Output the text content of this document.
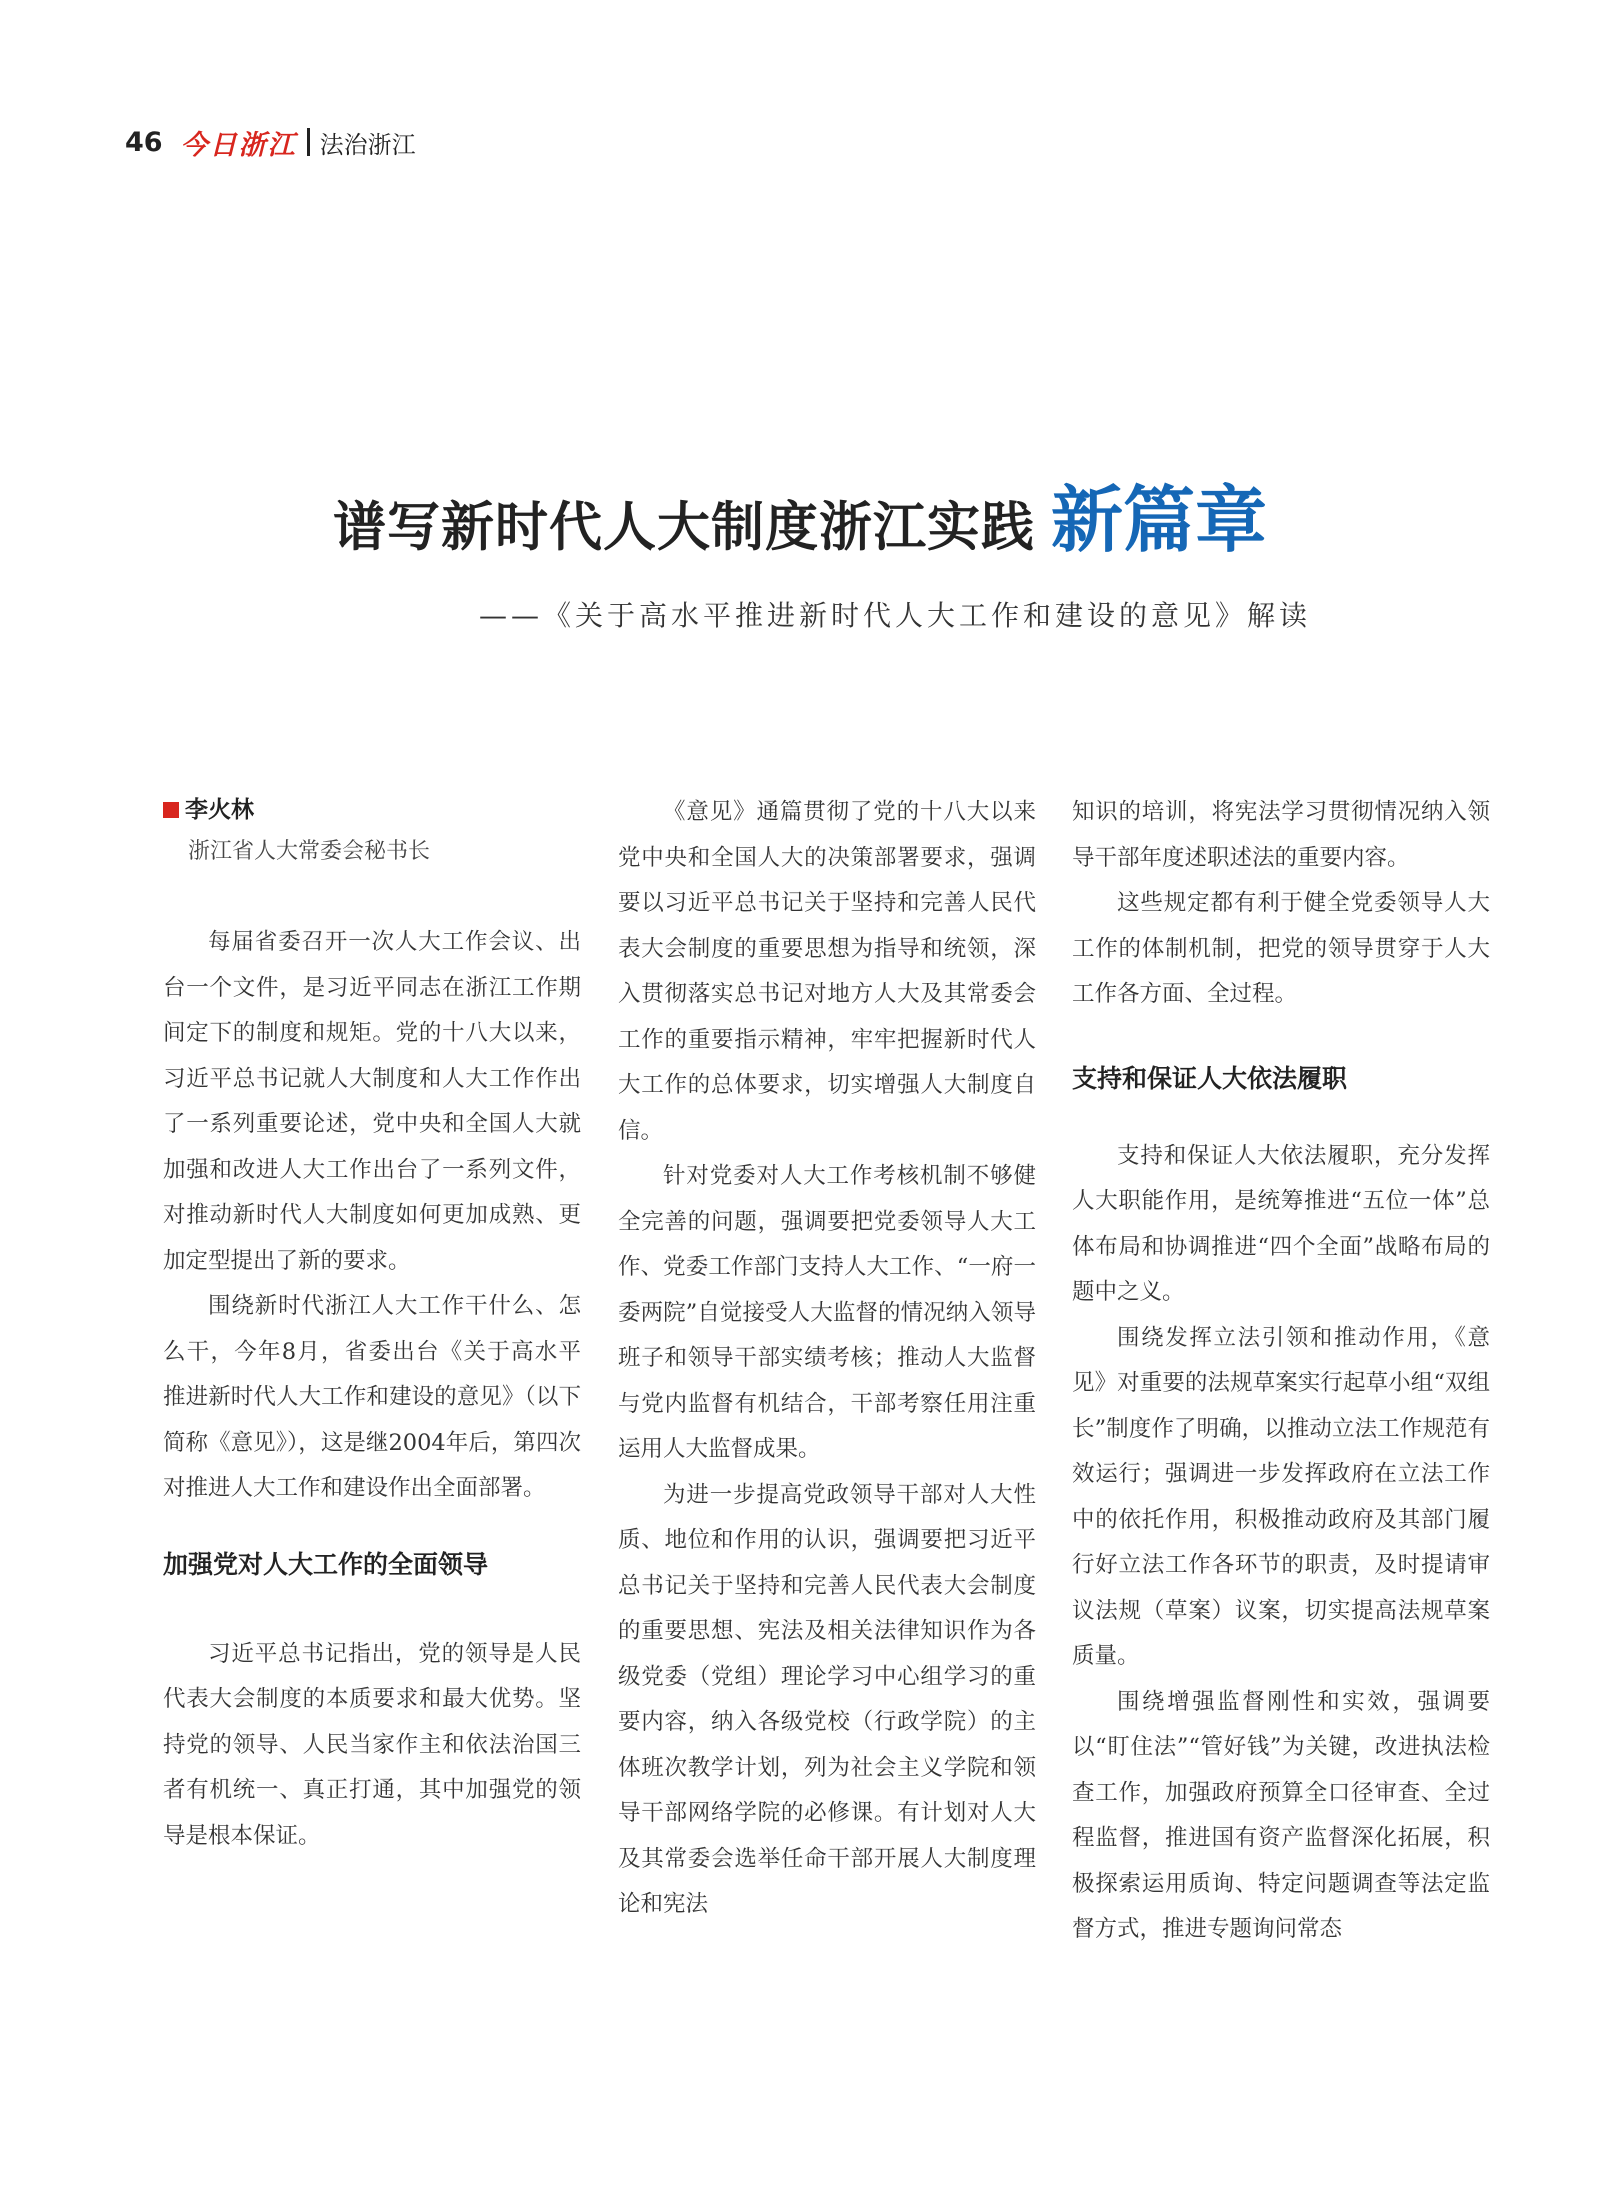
46 今日浙江 法治浙江
谱写新时代人大制度浙江实践 新篇章
——《关于高水平推进新时代人大工作和建设的意见》解读
李火林
浙江省人大常委会秘书长

每届省委召开一次人大工作会议、出台一个文件，是习近平同志在浙江工作期间定下的制度和规矩。党的十八大以来，习近平总书记就人大制度和人大工作作出了一系列重要论述，党中央和全国人大就加强和改进人大工作出台了一系列文件，对推动新时代人大制度如何更加成熟、更加定型提出了新的要求。

围绕新时代浙江人大工作干什么、怎么干，今年8月，省委出台《关于高水平推进新时代人大工作和建设的意见》（以下简称《意见》），这是继2004年后，第四次对推进人大工作和建设作出全面部署。

加强党对人大工作的全面领导

习近平总书记指出，党的领导是人民代表大会制度的本质要求和最大优势。坚持党的领导、人民当家作主和依法治国三者有机统一、真正打通，其中加强党的领导是根本保证。

《意见》通篇贯彻了党的十八大以来党中央和全国人大的决策部署要求，强调要以习近平总书记关于坚持和完善人民代表大会制度的重要思想为指导和统领，深入贯彻落实总书记对地方人大及其常委会工作的重要指示精神，牢牢把握新时代人大工作的总体要求，切实增强人大制度自信。

针对党委对人大工作考核机制不够健全完善的问题，强调要把党委领导人大工作、党委工作部门支持人大工作、“一府一委两院”自觉接受人大监督的情况纳入领导班子和领导干部实绩考核；推动人大监督与党内监督有机结合，干部考察任用注重运用人大监督成果。

为进一步提高党政领导干部对人大性质、地位和作用的认识，强调要把习近平总书记关于坚持和完善人民代表大会制度的重要思想、宪法及相关法律知识作为各级党委（党组）理论学习中心组学习的重要内容，纳入各级党校（行政学院）的主体班次教学计划，列为社会主义学院和领导干部网络学院的必修课。有计划对人大及其常委会选举任命干部开展人大制度理论和宪法

知识的培训，将宪法学习贯彻情况纳入领导干部年度述职述法的重要内容。

这些规定都有利于健全党委领导人大工作的体制机制，把党的领导贯穿于人大工作各方面、全过程。

支持和保证人大依法履职

支持和保证人大依法履职，充分发挥人大职能作用，是统筹推进“五位一体”总体布局和协调推进“四个全面”战略布局的题中之义。

围绕发挥立法引领和推动作用，《意见》对重要的法规草案实行起草小组“双组长”制度作了明确，以推动立法工作规范有效运行；强调进一步发挥政府在立法工作中的依托作用，积极推动政府及其部门履行好立法工作各环节的职责，及时提请审议法规（草案）议案，切实提高法规草案质量。

围绕增强监督刚性和实效，强调要以“盯住法”“管好钱”为关键，改进执法检查工作，加强政府预算全口径审查、全过程监督，推进国有资产监督深化拓展，积极探索运用质询、特定问题调查等法定监督方式，推进专题询问常态
